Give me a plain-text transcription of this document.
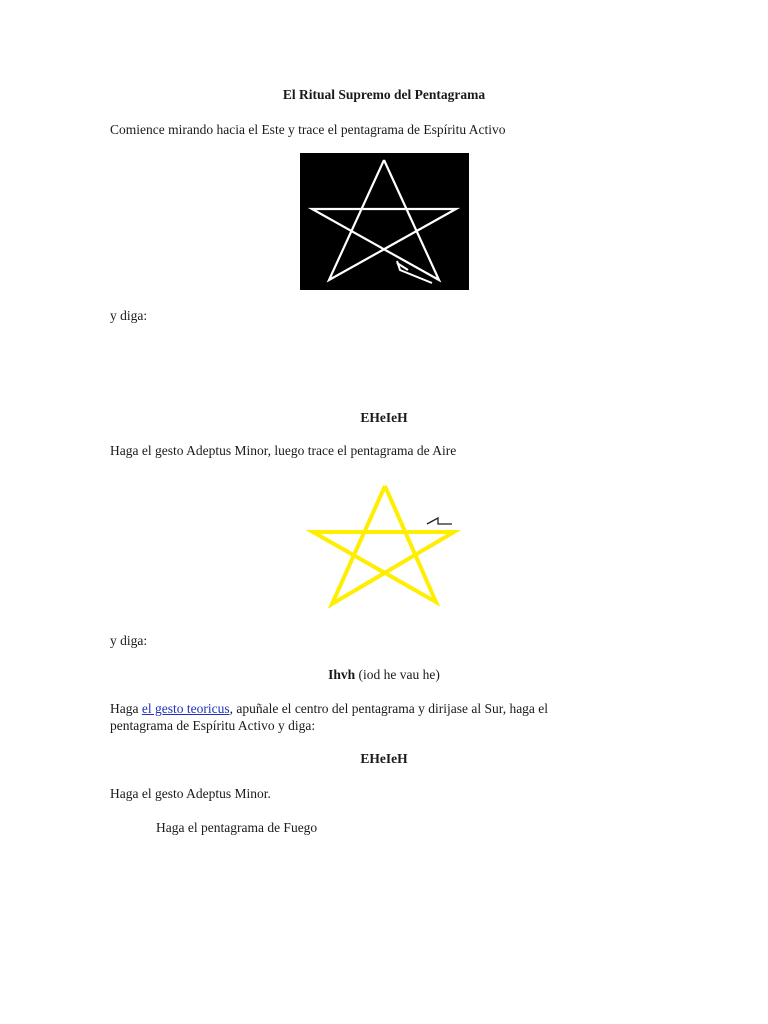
El Ritual Supremo del Pentagrama
Comience mirando hacia el Este y trace el pentagrama de Espíritu Activo
y diga:
EHeIeH
Haga el gesto Adeptus Minor, luego trace el pentagrama de Aire
y diga:
Ihvh (iod he vau he)
Haga el gesto teoricus, apuñale el centro del pentagrama y dirijase al Sur, haga el
pentagrama de Espíritu Activo y diga:
EHeIeH
Haga el gesto Adeptus Minor.
Haga el pentagrama de Fuego
